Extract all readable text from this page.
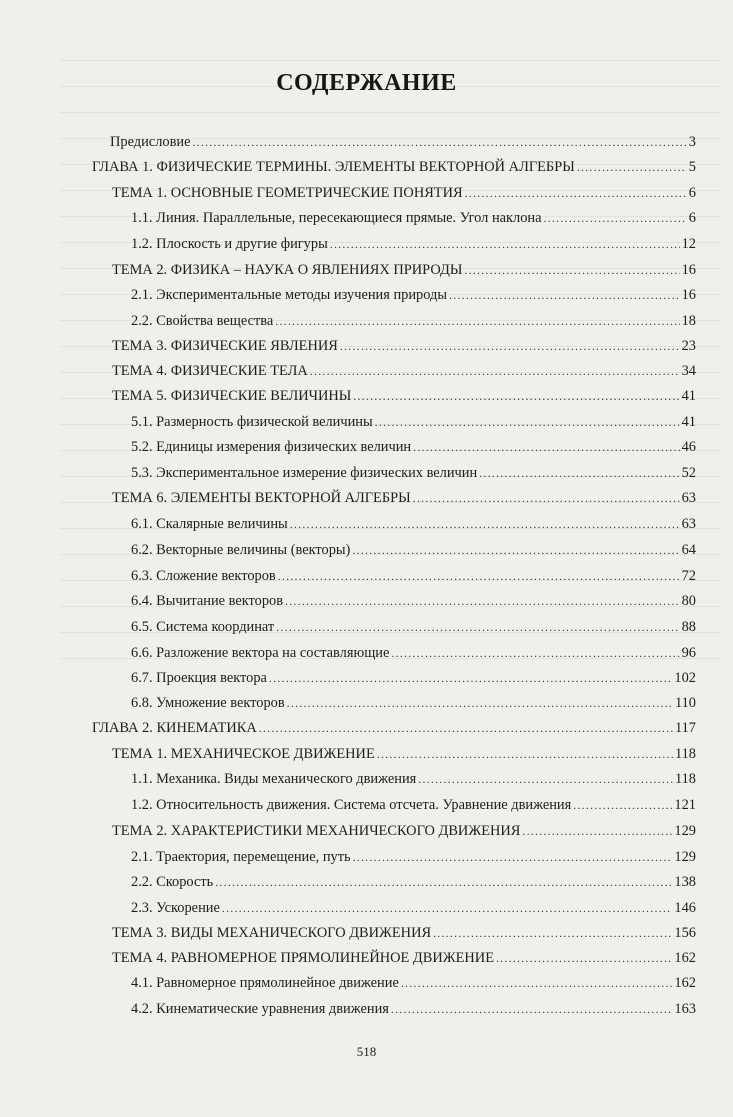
СОДЕРЖАНИЕ
Предисловие .....	3
ГЛАВА 1. ФИЗИЧЕСКИЕ ТЕРМИНЫ. ЭЛЕМЕНТЫ ВЕКТОРНОЙ АЛГЕБРЫ .....	5
ТЕМА 1. ОСНОВНЫЕ ГЕОМЕТРИЧЕСКИЕ ПОНЯТИЯ .....	6
1.1. Линия. Параллельные, пересекающиеся прямые. Угол наклона .....	6
1.2. Плоскость и другие фигуры .....	12
ТЕМА 2. ФИЗИКА – НАУКА О ЯВЛЕНИЯХ ПРИРОДЫ .....	16
2.1. Экспериментальные методы изучения природы .....	16
2.2. Свойства вещества .....	18
ТЕМА 3. ФИЗИЧЕСКИЕ ЯВЛЕНИЯ .....	23
ТЕМА 4. ФИЗИЧЕСКИЕ ТЕЛА .....	34
ТЕМА 5. ФИЗИЧЕСКИЕ ВЕЛИЧИНЫ .....	41
5.1. Размерность физической величины .....	41
5.2. Единицы измерения физических величин .....	46
5.3. Экспериментальное измерение физических величин .....	52
ТЕМА 6. ЭЛЕМЕНТЫ ВЕКТОРНОЙ АЛГЕБРЫ .....	63
6.1. Скалярные величины .....	63
6.2. Векторные величины (векторы) .....	64
6.3. Сложение векторов .....	72
6.4. Вычитание векторов .....	80
6.5. Система координат .....	88
6.6. Разложение вектора на составляющие .....	96
6.7. Проекция вектора .....	102
6.8. Умножение векторов .....	110
ГЛАВА 2. КИНЕМАТИКА .....	117
ТЕМА 1. МЕХАНИЧЕСКОЕ ДВИЖЕНИЕ .....	118
1.1. Механика. Виды механического движения .....	118
1.2. Относительность движения. Система отсчета. Уравнение движения .....	121
ТЕМА 2. ХАРАКТЕРИСТИКИ МЕХАНИЧЕСКОГО ДВИЖЕНИЯ .....	129
2.1. Траектория, перемещение, путь .....	129
2.2. Скорость .....	138
2.3. Ускорение .....	146
ТЕМА 3. ВИДЫ МЕХАНИЧЕСКОГО ДВИЖЕНИЯ .....	156
ТЕМА 4. РАВНОМЕРНОЕ ПРЯМОЛИНЕЙНОЕ ДВИЖЕНИЕ .....	162
4.1. Равномерное прямолинейное движение .....	162
4.2. Кинематические уравнения движения .....	163
518
